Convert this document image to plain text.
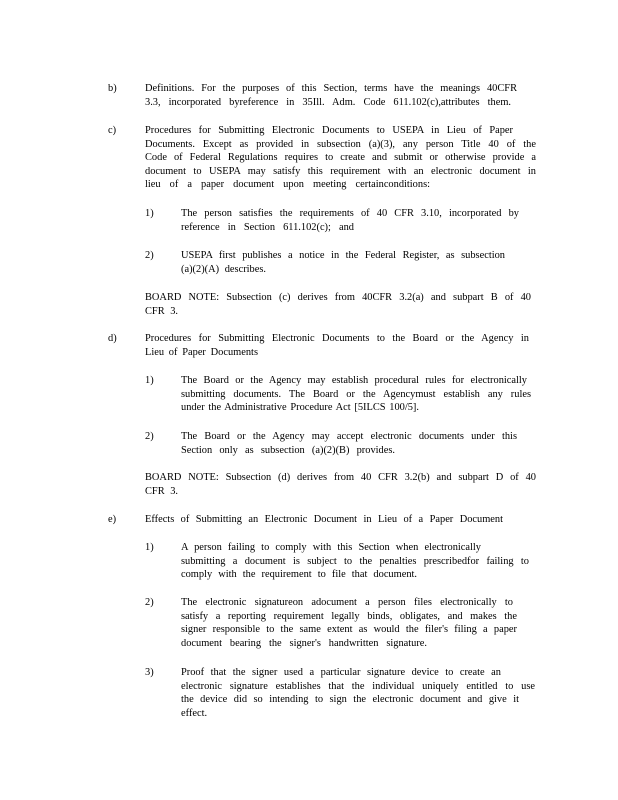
b)	Definitions. For the purposes of this Section, terms have the meanings 40CFR
3.3, incorporated byreference in 35Ill. Adm. Code 611.102(c),attributes them.
c)	Procedures for Submitting Electronic Documents to USEPA in Lieu of Paper
Documents. Except as provided in subsection (a)(3), any person Title 40 of the
Code of Federal Regulations requires to create and submit or otherwise provide a
document to USEPA may satisfy this requirement with an electronic document in
lieu of a paper document upon meeting certainconditions:
1)	The person satisfies the requirements of 40 CFR 3.10, incorporated by
reference in Section 611.102(c); and
2)	USEPA first publishes a notice in the Federal Register, as subsection
(a)(2)(A) describes.
BOARD NOTE: Subsection (c) derives from 40CFR 3.2(a) and subpart B of 40
CFR 3.
d)	Procedures for Submitting Electronic Documents to the Board or the Agency in
Lieu of Paper Documents
1)	The Board or the Agency may establish procedural rules for electronically
submitting documents. The Board or the Agencymust establish any rules
under the Administrative Procedure Act [5ILCS 100/5].
2)	The Board or the Agency may accept electronic documents under this
Section only as subsection (a)(2)(B) provides.
BOARD NOTE: Subsection (d) derives from 40 CFR 3.2(b) and subpart D of 40
CFR 3.
e)	Effects of Submitting an Electronic Document in Lieu of a Paper Document
1)	A person failing to comply with this Section when electronically
submitting a document is subject to the penalties prescribedfor failing to
comply with the requirement to file that document.
2)	The electronic signatureon adocument a person files electronically to
satisfy a reporting requirement legally binds, obligates, and makes the
signer responsible to the same extent as would the filer's filing a paper
document bearing the signer's handwritten signature.
3)	Proof that the signer used a particular signature device to create an
electronic signature establishes that the individual uniquely entitled to use
the device did so intending to sign the electronic document and give it
effect.
